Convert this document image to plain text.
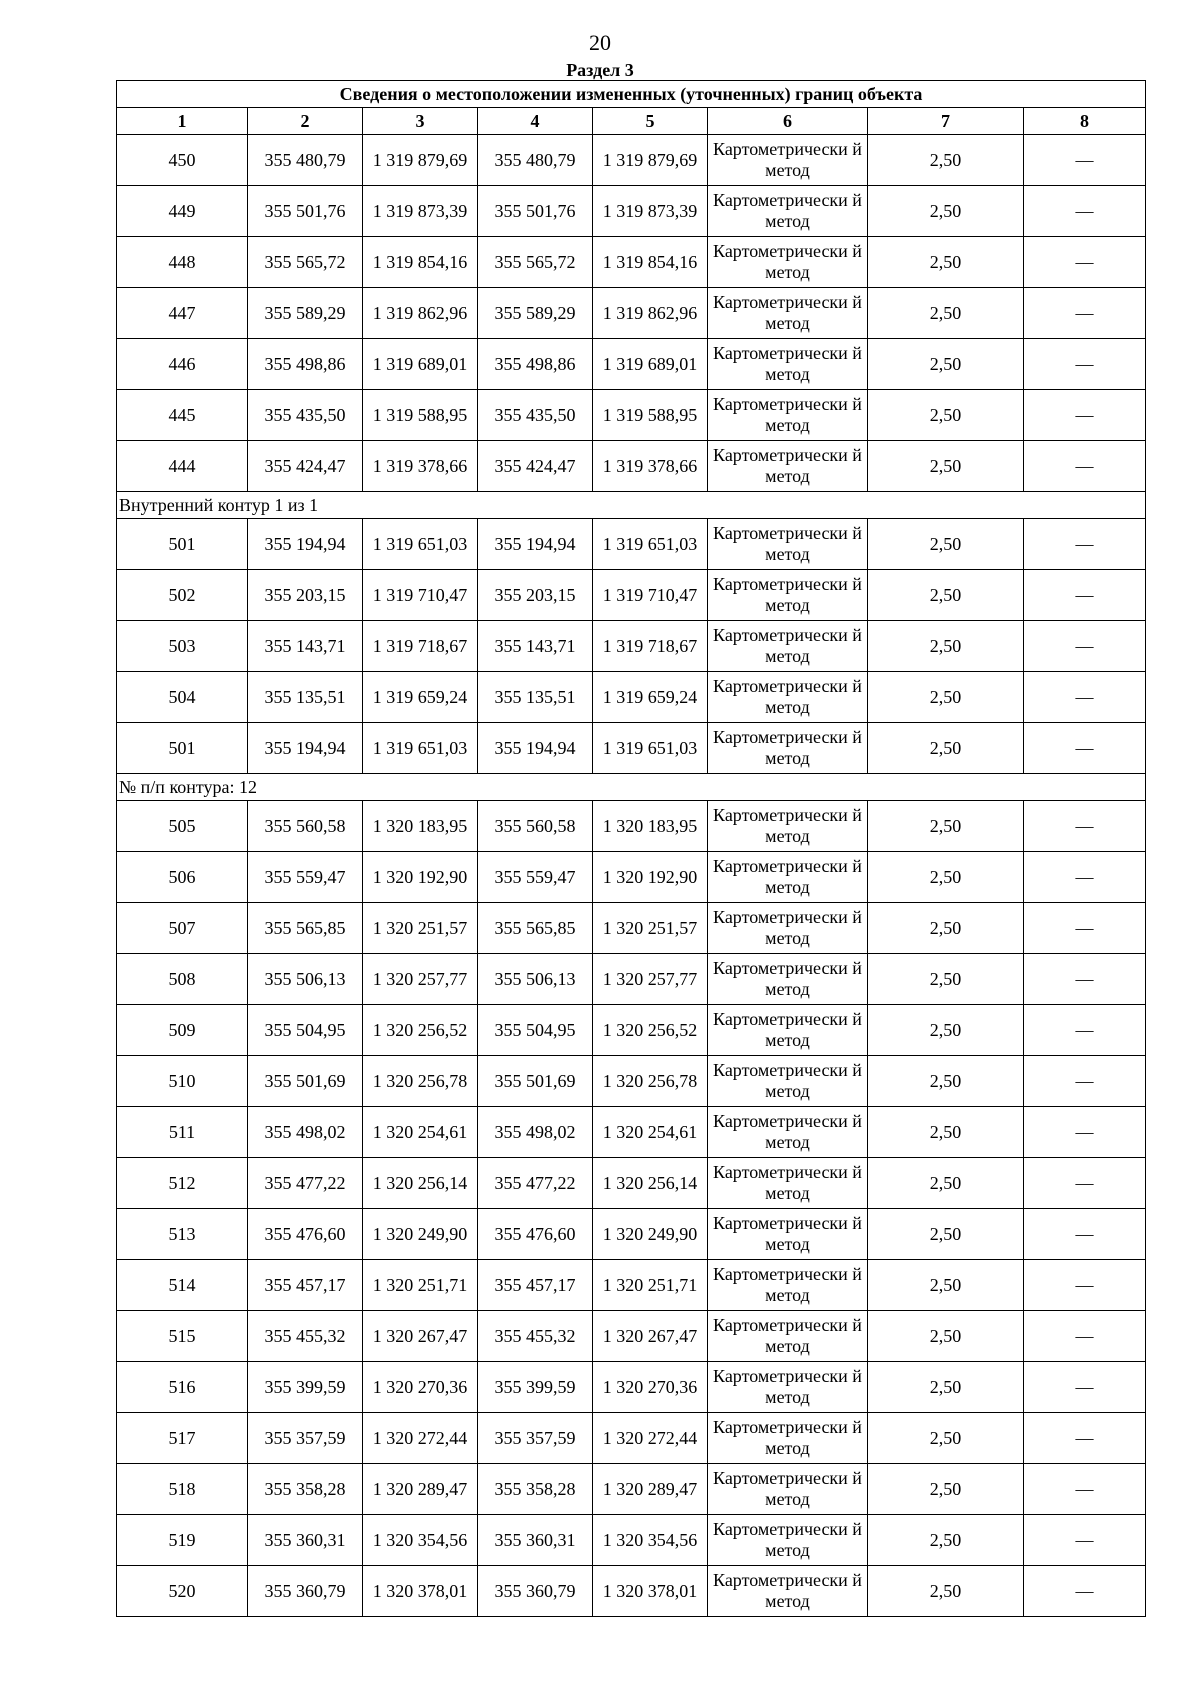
20
Раздел 3
Сведения о местоположении измененных (уточненных) границ объекта							
1	2	3	4	5	6	7	8
450	355 480,79	1 319 879,69	355 480,79	1 319 879,69	Картометрически й метод	2,50	—
449	355 501,76	1 319 873,39	355 501,76	1 319 873,39	Картометрически й метод	2,50	—
448	355 565,72	1 319 854,16	355 565,72	1 319 854,16	Картометрически й метод	2,50	—
447	355 589,29	1 319 862,96	355 589,29	1 319 862,96	Картометрически й метод	2,50	—
446	355 498,86	1 319 689,01	355 498,86	1 319 689,01	Картометрически й метод	2,50	—
445	355 435,50	1 319 588,95	355 435,50	1 319 588,95	Картометрически й метод	2,50	—
444	355 424,47	1 319 378,66	355 424,47	1 319 378,66	Картометрически й метод	2,50	—
Внутренний контур 1 из 1							
501	355 194,94	1 319 651,03	355 194,94	1 319 651,03	Картометрически й метод	2,50	—
502	355 203,15	1 319 710,47	355 203,15	1 319 710,47	Картометрически й метод	2,50	—
503	355 143,71	1 319 718,67	355 143,71	1 319 718,67	Картометрически й метод	2,50	—
504	355 135,51	1 319 659,24	355 135,51	1 319 659,24	Картометрически й метод	2,50	—
501	355 194,94	1 319 651,03	355 194,94	1 319 651,03	Картометрически й метод	2,50	—
№ п/п контура: 12							
505	355 560,58	1 320 183,95	355 560,58	1 320 183,95	Картометрически й метод	2,50	—
506	355 559,47	1 320 192,90	355 559,47	1 320 192,90	Картометрически й метод	2,50	—
507	355 565,85	1 320 251,57	355 565,85	1 320 251,57	Картометрически й метод	2,50	—
508	355 506,13	1 320 257,77	355 506,13	1 320 257,77	Картометрически й метод	2,50	—
509	355 504,95	1 320 256,52	355 504,95	1 320 256,52	Картометрически й метод	2,50	—
510	355 501,69	1 320 256,78	355 501,69	1 320 256,78	Картометрически й метод	2,50	—
511	355 498,02	1 320 254,61	355 498,02	1 320 254,61	Картометрически й метод	2,50	—
512	355 477,22	1 320 256,14	355 477,22	1 320 256,14	Картометрически й метод	2,50	—
513	355 476,60	1 320 249,90	355 476,60	1 320 249,90	Картометрически й метод	2,50	—
514	355 457,17	1 320 251,71	355 457,17	1 320 251,71	Картометрически й метод	2,50	—
515	355 455,32	1 320 267,47	355 455,32	1 320 267,47	Картометрически й метод	2,50	—
516	355 399,59	1 320 270,36	355 399,59	1 320 270,36	Картометрически й метод	2,50	—
517	355 357,59	1 320 272,44	355 357,59	1 320 272,44	Картометрически й метод	2,50	—
518	355 358,28	1 320 289,47	355 358,28	1 320 289,47	Картометрически й метод	2,50	—
519	355 360,31	1 320 354,56	355 360,31	1 320 354,56	Картометрически й метод	2,50	—
520	355 360,79	1 320 378,01	355 360,79	1 320 378,01	Картометрически й метод	2,50	—
